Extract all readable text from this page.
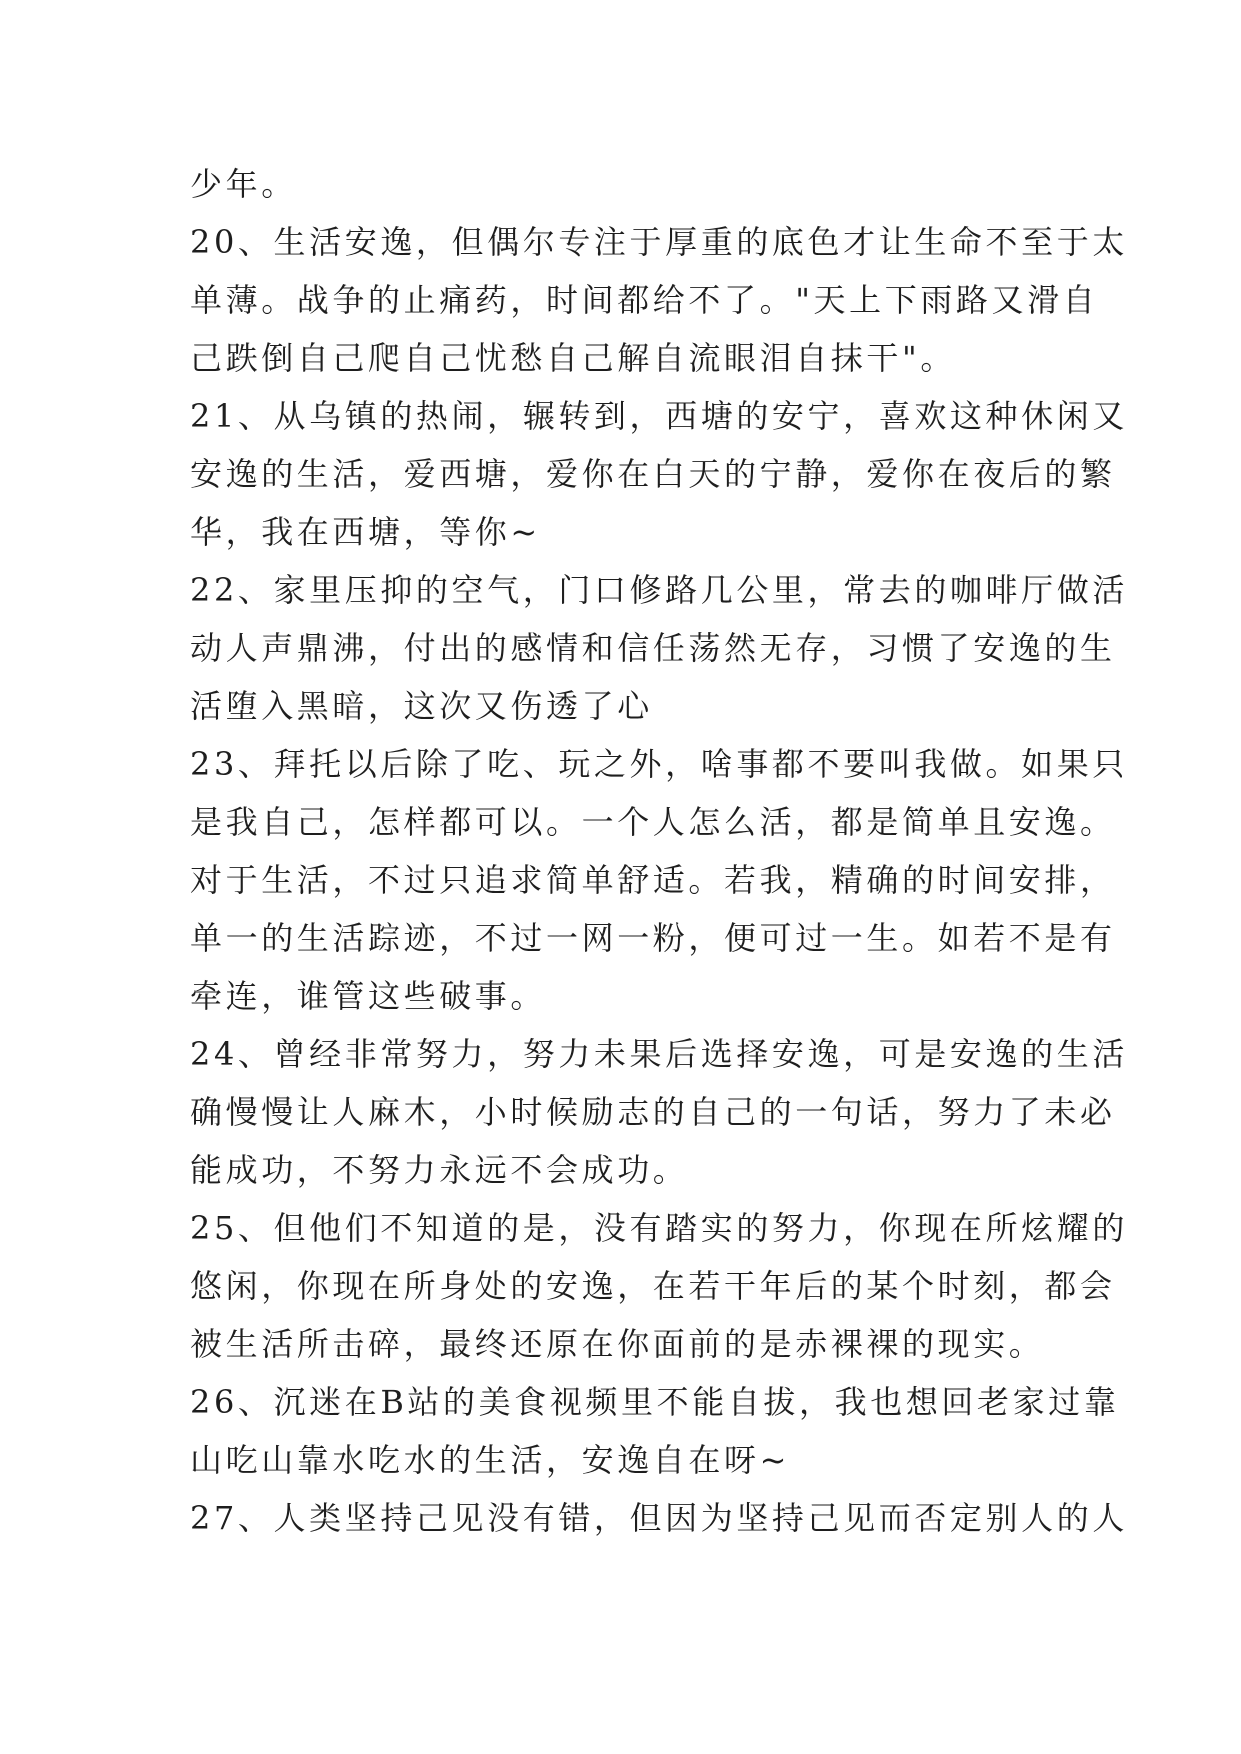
少年。
20、生活安逸，但偶尔专注于厚重的底色才让生命不至于太
单薄。战争的止痛药，时间都给不了。"天上下雨路又滑自
己跌倒自己爬自己忧愁自己解自流眼泪自抹干"。
21、从乌镇的热闹，辗转到，西塘的安宁，喜欢这种休闲又
安逸的生活，爱西塘，爱你在白天的宁静，爱你在夜后的繁
华，我在西塘，等你~
22、家里压抑的空气，门口修路几公里，常去的咖啡厅做活
动人声鼎沸，付出的感情和信任荡然无存，习惯了安逸的生
活堕入黑暗，这次又伤透了心
23、拜托以后除了吃、玩之外，啥事都不要叫我做。如果只
是我自己，怎样都可以。一个人怎么活，都是简单且安逸。
对于生活，不过只追求简单舒适。若我，精确的时间安排，
单一的生活踪迹，不过一网一粉，便可过一生。如若不是有
牵连，谁管这些破事。
24、曾经非常努力，努力未果后选择安逸，可是安逸的生活
确慢慢让人麻木，小时候励志的自己的一句话，努力了未必
能成功，不努力永远不会成功。
25、但他们不知道的是，没有踏实的努力，你现在所炫耀的
悠闲，你现在所身处的安逸，在若干年后的某个时刻，都会
被生活所击碎，最终还原在你面前的是赤裸裸的现实。
26、沉迷在B站的美食视频里不能自拔，我也想回老家过靠
山吃山靠水吃水的生活，安逸自在呀~
27、人类坚持己见没有错，但因为坚持己见而否定别人的人
